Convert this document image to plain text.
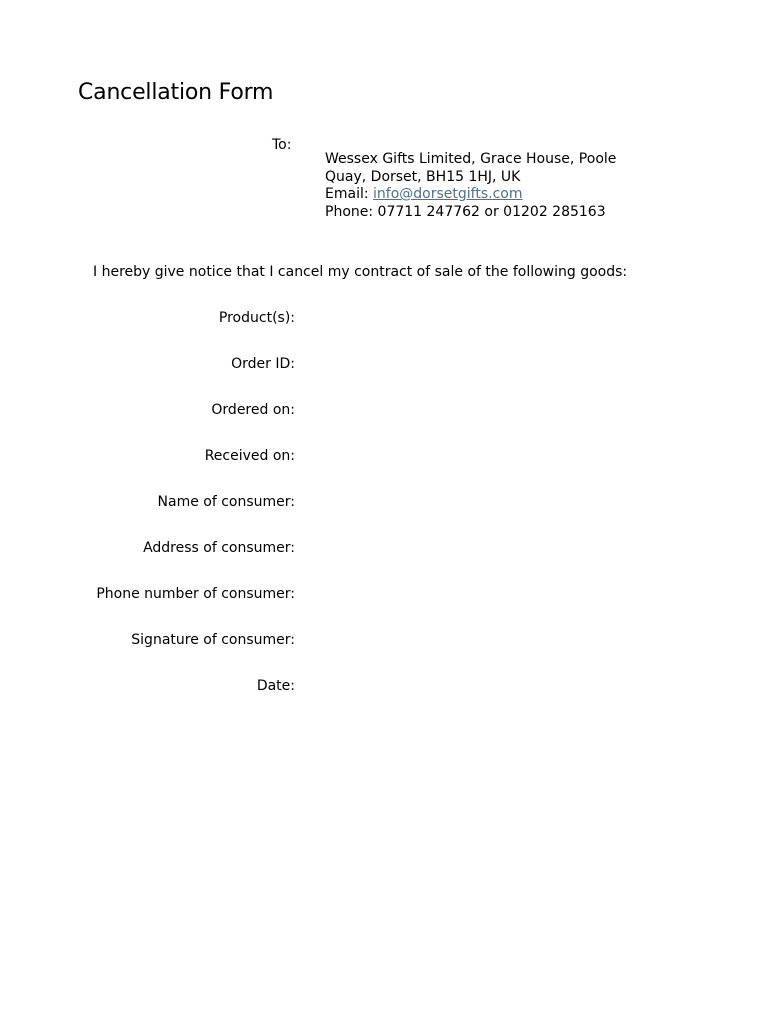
Cancellation Form
To:
Wessex Gifts Limited, Grace House, Poole
Quay, Dorset, BH15 1HJ, UK
Email: info@dorsetgifts.com
Phone: 07711 247762 or 01202 285163
I hereby give notice that I cancel my contract of sale of the following goods:
Product(s):
Order ID:
Ordered on:
Received on:
Name of consumer:
Address of consumer:
Phone number of consumer:
Signature of consumer:
Date:
